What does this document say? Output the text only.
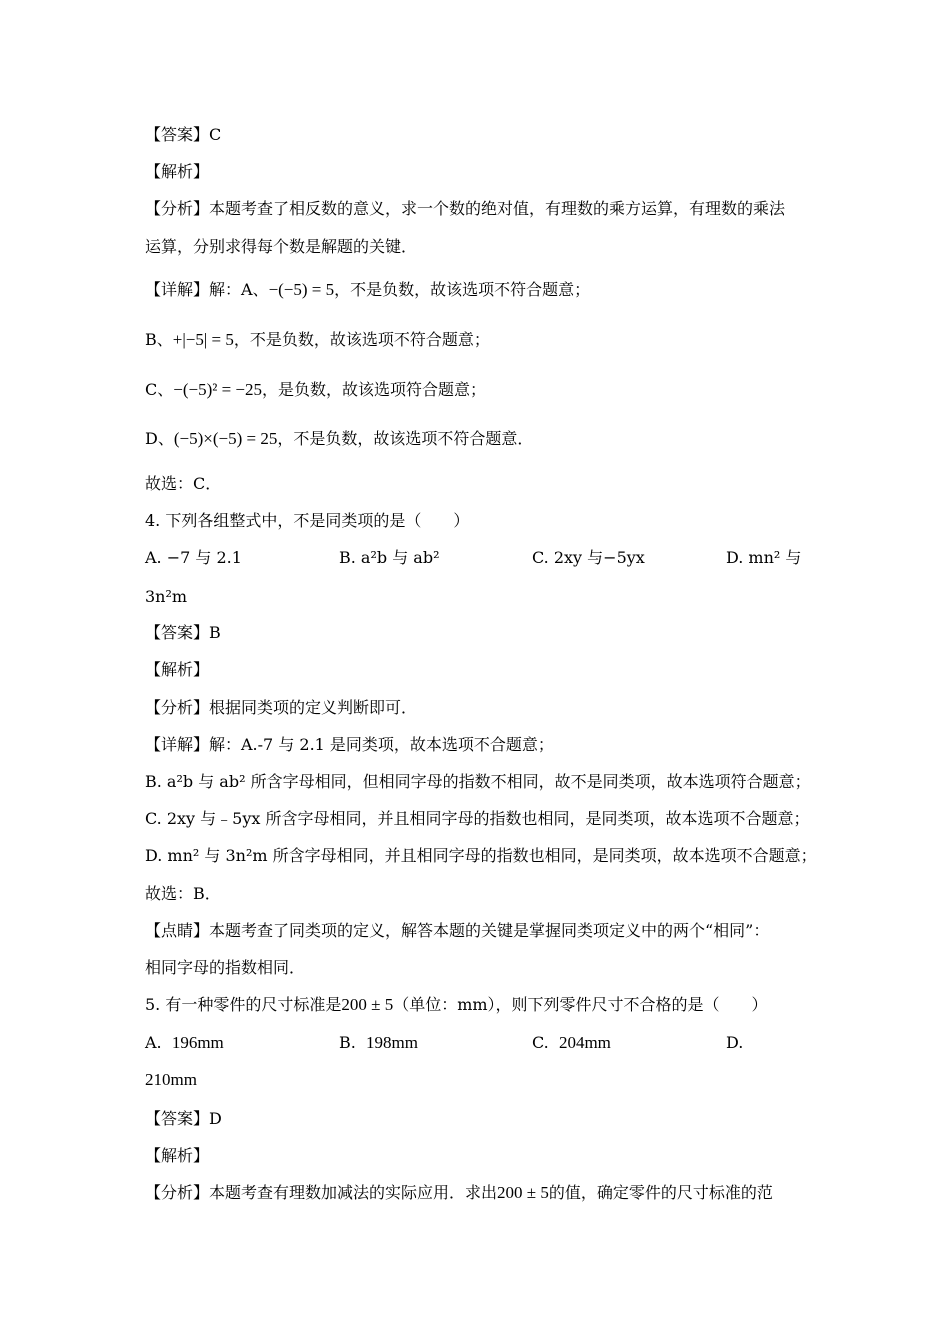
【答案】C
【解析】
【分析】本题考查了相反数的意义，求一个数的绝对值，有理数的乘方运算，有理数的乘法
运算，分别求得每个数是解题的关键．
【详解】解：A、−(−5) = 5，不是负数，故该选项不符合题意；
B、+|−5| = 5，不是负数，故该选项不符合题意；
C、−(−5)² = −25，是负数，故该选项符合题意；
D、(−5)×(−5) = 25，不是负数，故该选项不符合题意．
故选：C．
4. 下列各组整式中，不是同类项的是（　　）
A. −7 与 2.1	B. a²b 与 ab²	C. 2xy 与−5yx	D. mn² 与
3n²m
【答案】B
【解析】
【分析】根据同类项的定义判断即可．
【详解】解：A.-7 与 2.1 是同类项，故本选项不合题意；
B. a²b 与 ab² 所含字母相同，但相同字母的指数不相同，故不是同类项，故本选项符合题意；
C. 2xy 与﹣5yx 所含字母相同，并且相同字母的指数也相同，是同类项，故本选项不合题意；
D. mn² 与 3n²m 所含字母相同，并且相同字母的指数也相同，是同类项，故本选项不合题意；
故选：B．
【点睛】本题考查了同类项的定义，解答本题的关键是掌握同类项定义中的两个“相同”：
相同字母的指数相同．
5. 有一种零件的尺寸标准是200 ± 5（单位：mm），则下列零件尺寸不合格的是（　　）
A. 196mm	B. 198mm	C. 204mm	D.
210mm
【答案】D
【解析】
【分析】本题考查有理数加减法的实际应用．求出200 ± 5的值，确定零件的尺寸标准的范
